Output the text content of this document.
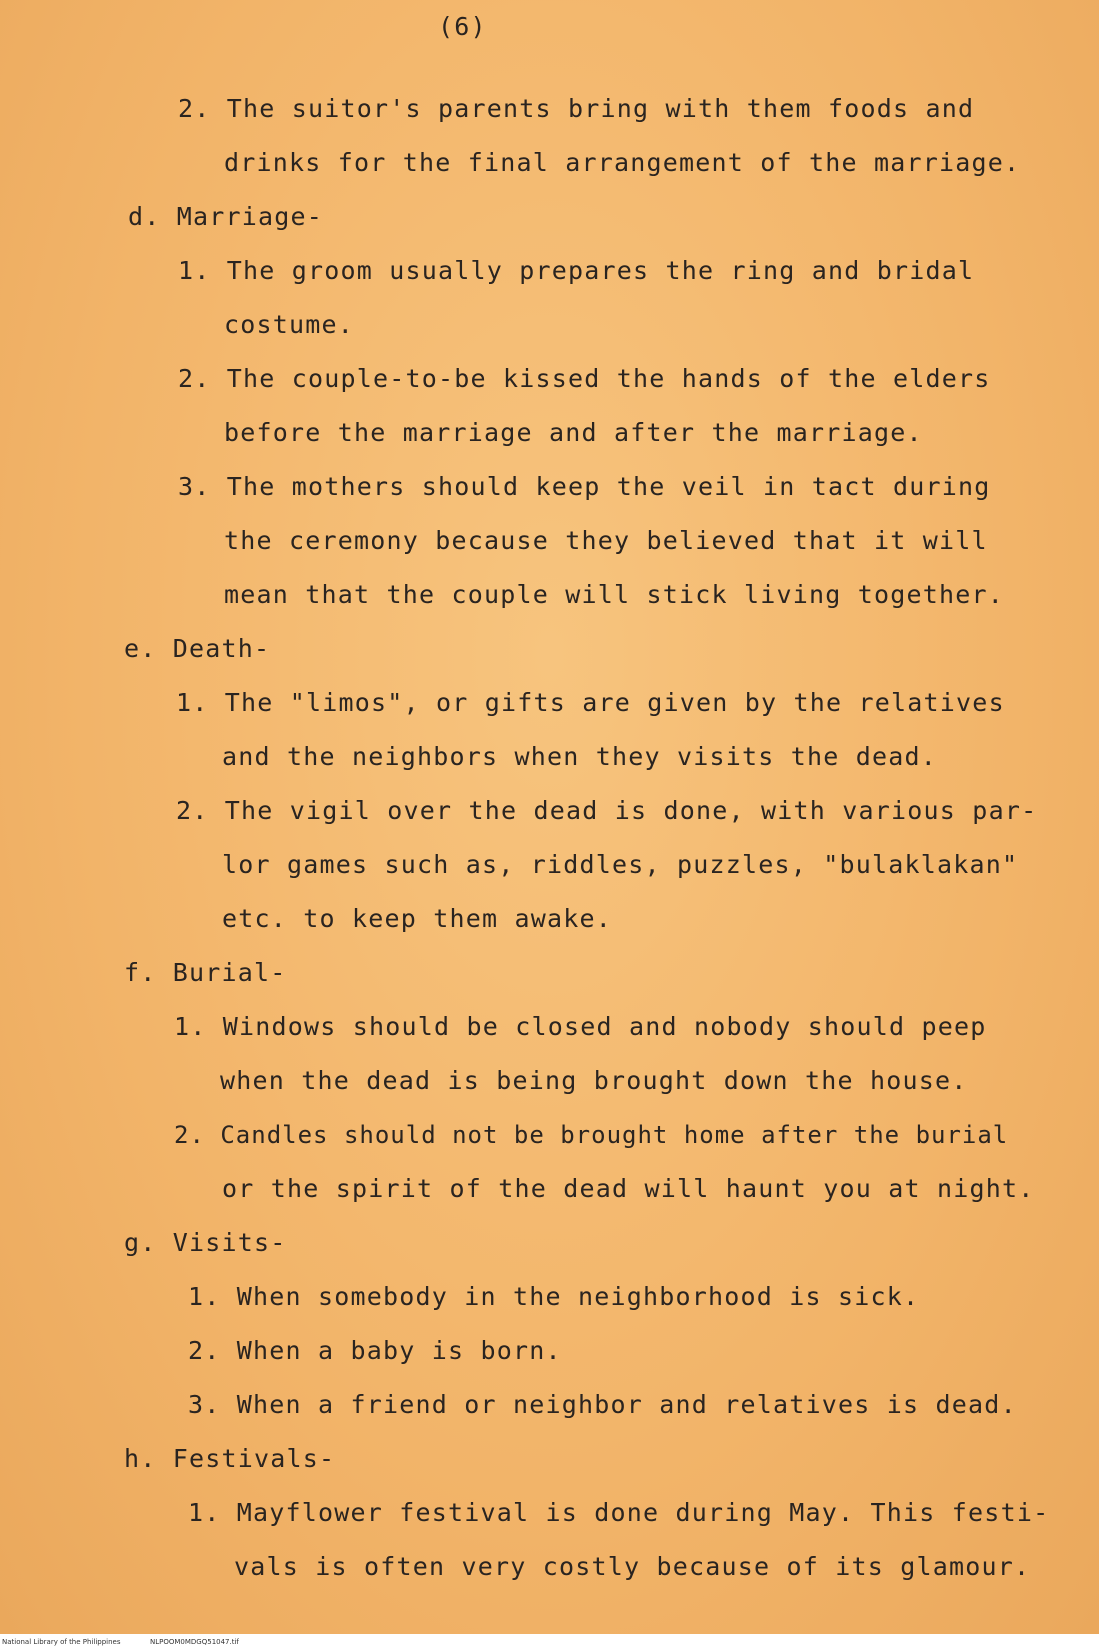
(6)
2. The suitor's parents bring with them foods and
drinks for the final arrangement of the marriage.
d. Marriage-
1. The groom usually prepares the ring and bridal
costume.
2. The couple-to-be kissed the hands of the elders
before the marriage and after the marriage.
3. The mothers should keep the veil in tact during
the ceremony because they believed that it will
mean that the couple will stick living together.
e. Death-
1. The "limos", or gifts are given by the relatives
and the neighbors when they visits the dead.
2. The vigil over the dead is done, with various par-
lor games such as, riddles, puzzles, "bulaklakan"
etc. to keep them awake.
f. Burial-
1. Windows should be closed and nobody should peep
when the dead is being brought down the house.
2. Candles should not be brought home after the burial
or the spirit of the dead will haunt you at night.
g. Visits-
1. When somebody in the neighborhood is sick.
2. When a baby is born.
3. When a friend or neighbor and relatives is dead.
h. Festivals-
1. Mayflower festival is done during May. This festi-
vals is often very costly because of its glamour.
National Library of the Philippines	NLPOOM0MDGQ51047.tif
